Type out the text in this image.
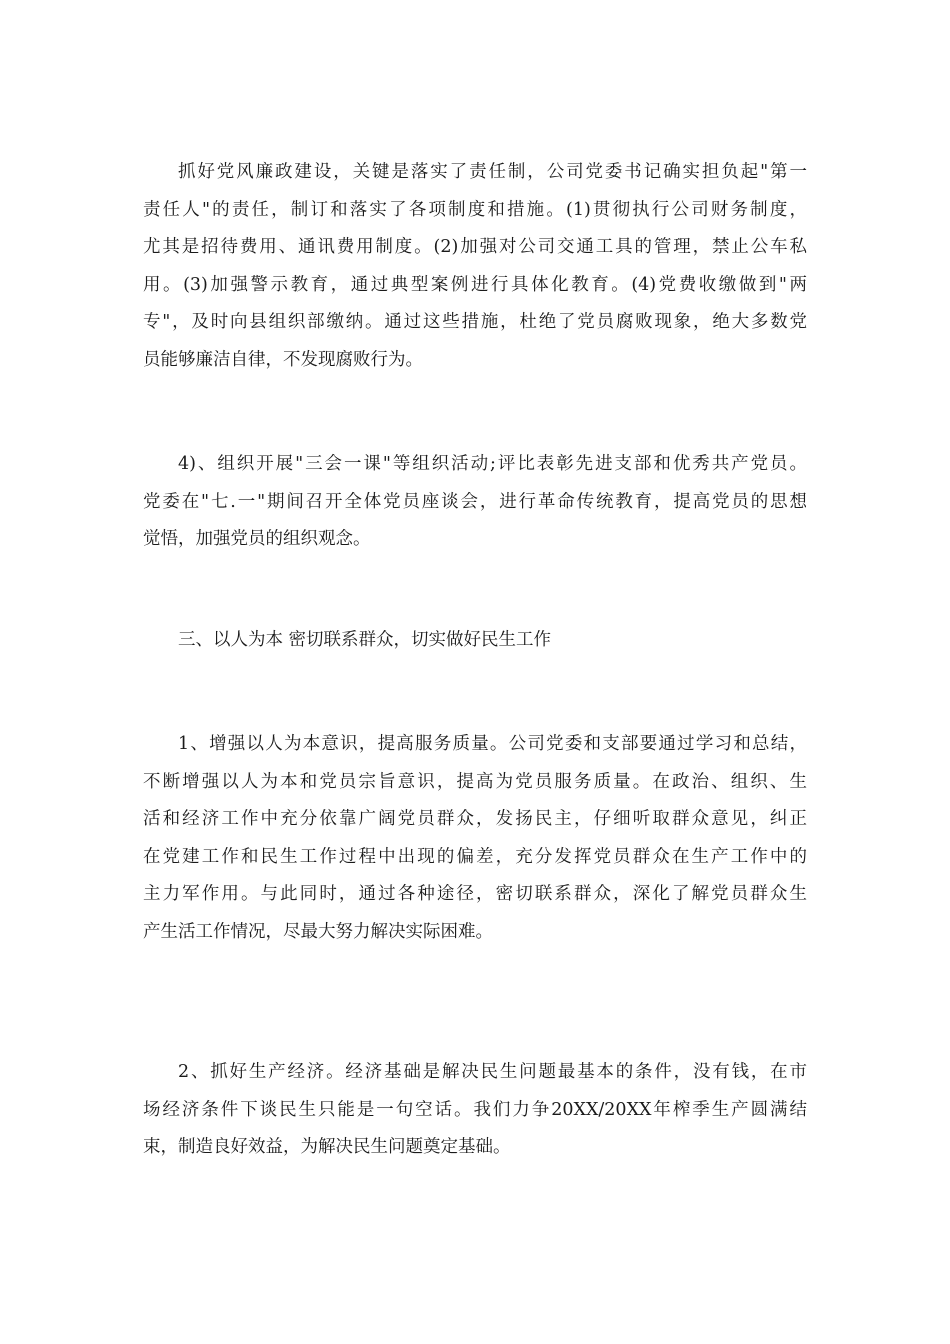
抓好党风廉政建设，关键是落实了责任制，公司党委书记确实担负起"第一
责任人"的责任，制订和落实了各项制度和措施。(1)贯彻执行公司财务制度，
尤其是招待费用、通讯费用制度。(2)加强对公司交通工具的管理，禁止公车私
用。(3)加强警示教育，通过典型案例进行具体化教育。(4)党费收缴做到"两
专"，及时向县组织部缴纳。通过这些措施，杜绝了党员腐败现象，绝大多数党
员能够廉洁自律，不发现腐败行为。
4)、组织开展"三会一课"等组织活动;评比表彰先进支部和优秀共产党员。
党委在"七.一"期间召开全体党员座谈会，进行革命传统教育，提高党员的思想
觉悟，加强党员的组织观念。
三、以人为本 密切联系群众，切实做好民生工作
1、增强以人为本意识，提高服务质量。公司党委和支部要通过学习和总结，
不断增强以人为本和党员宗旨意识，提高为党员服务质量。在政治、组织、生
活和经济工作中充分依靠广阔党员群众，发扬民主，仔细听取群众意见，纠正
在党建工作和民生工作过程中出现的偏差，充分发挥党员群众在生产工作中的
主力军作用。与此同时，通过各种途径，密切联系群众，深化了解党员群众生
产生活工作情况，尽最大努力解决实际困难。
2、抓好生产经济。经济基础是解决民生问题最基本的条件，没有钱，在市
场经济条件下谈民生只能是一句空话。我们力争20XX/20XX年榨季生产圆满结
束，制造良好效益，为解决民生问题奠定基础。
